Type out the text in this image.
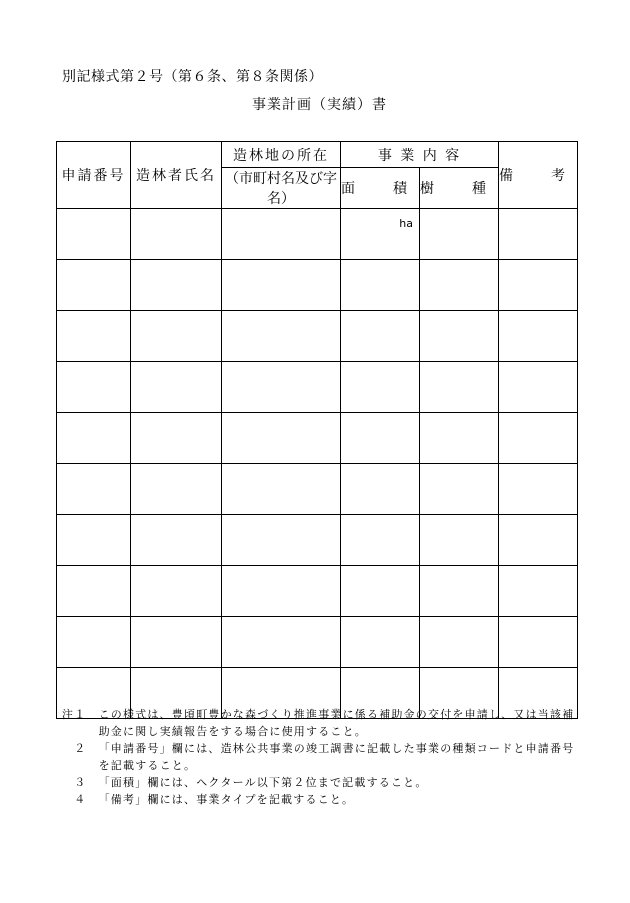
別記様式第２号（第６条、第８条関係）
事業計画（実績）書
申請番号	造林者氏名	造林地の所在	事 業 内 容		備　考
		（市町村名及び字名）	面　積	樹　種	

			ha		

注１　 この様式は、豊頃町豊かな森づくり推進事業に係る補助金の交付を申請し、又は当該補助金に関し実績報告をする場合に使用すること。
　２　 「申請番号」欄には、造林公共事業の竣工調書に記載した事業の種類コードと申請番号を記載すること。
　３　 「面積」欄には、ヘクタール以下第２位まで記載すること。
　４　 「備考」欄には、事業タイプを記載すること。
